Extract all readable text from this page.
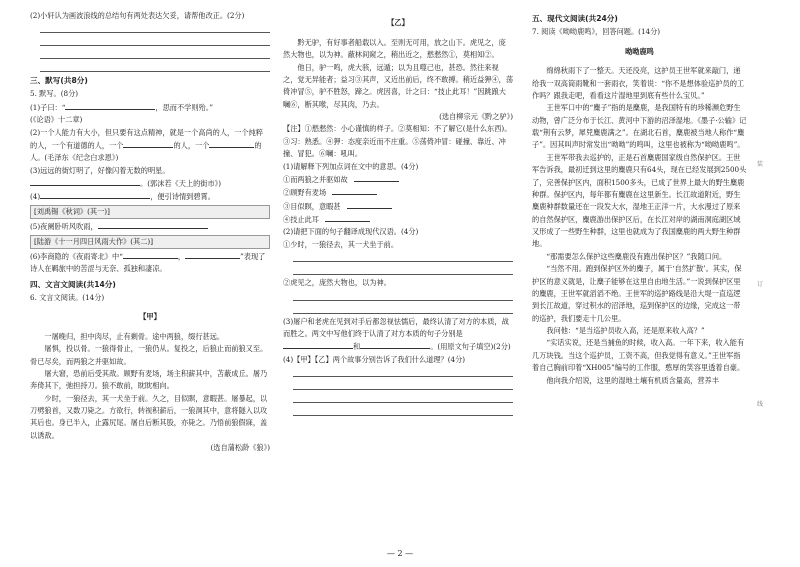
(2)小轩认为画波浪线的总结句有两处表达欠妥，请帮他改正。(2分)

三、默写(共8分)

5. 默写。(8分)

(1)子曰：“	，思而不学则殆。”

(《论语》十二章)

(2)一个人能力有大小，但只要有这点精神，就是一个高尚的人，一个纯粹的人，一个有道德的人，一个	的人，一个	的人。(毛泽东《纪念白求恩》)

(3)远远的街灯明了，好像闪着无数的明星。。(郭沫若《天上的街市》)

(4)	，便引诗情到碧霄。

[刘禹锡《秋词》(其一)]

(5)夜阑卧听风吹雨，

[陆游《十一月四日风雨大作》(其二)]

(6)李商隐的《夜雨寄北》中“	，	”表现了诗人在羁旅中的苦涩与无奈、孤独和凄凉。

四、文言文阅读(共14分)

6. 文言文阅读。(14分)

【甲】

一屠晚归，担中肉尽，止有剩骨。途中两狼，缀行甚远。

屠惧，投以骨。一狼得骨止，一狼仍从。复投之，后狼止而前狼又至。骨已尽矣，而两狼之并驱如故。

屠大窘，恐前后受其敌。顾野有麦场，场主积薪其中，苫蔽成丘。屠乃奔倚其下，弛担持刀。狼不敢前，眈眈相向。

少时，一狼径去，其一犬坐于前。久之，目似瞑，意暇甚。屠暴起，以刀劈狼首，又数刀毙之。方欲行，转视积薪后，一狼洞其中，意将隧入以攻其后也。身已半入，止露尻尾。屠自后断其股，亦毙之。乃悟前狼假寐，盖以诱敌。

(选自蒲松龄《狼》)

【乙】

黔无驴，有好事者船载以入。至则无可用，放之山下。虎见之，庞然大物也，以为神。蔽林间窥之，稍出近之，慭慭然①，莫相知②。

他日，驴一鸣，虎大骇，远遁；以为且噬己也，甚恐。然往来视之，觉无异能者；益习③其声，又近出前后，终不敢搏。稍近益狎④，荡倚冲冒⑤，驴不胜怒，蹄之。虎因喜，计之曰：“技止此耳！”因跳踉大㘎⑥，断其喉，尽其肉，乃去。

(选自柳宗元《黔之驴》)

【注】①慭慭然：小心谨慎的样子。②莫相知：不了解它(是什么东西)。③习：熟悉。④狎：态度亲近而不庄重。⑤荡倚冲冒：碰撞、靠近、冲撞、冒犯。⑥㘎：吼叫。

(1)请解释下列加点词在文中的意思。(4分)

①而两狼之并驱如故

②顾野有麦场

③目似瞑，意暇甚

④技止此耳

(2)请把下面的句子翻译成现代汉语。(4分)

①少时，一狼径去，其一犬坐于前。

②虎见之，庞然大物也，以为神。

(3)屠户和老虎在见到对手后都忽视怯懦后，最终认清了对方的本质，战而胜之。两文中写他们终于认清了对方本质的句子分别是和	。(用原文句子填空)(2分)

(4)【甲】【乙】两个故事分别告诉了我们什么道理？(4分)

五、现代文阅读(共24分)

7. 阅读《呦呦鹿鸣》，回答问题。(14分)

呦呦鹿鸣

绵绵秋雨下了一整天。天还没亮，这护员王世军就来敲门，递给我一双高筒雨靴和一套雨衣，笑着说：“你不是想体验巡护员的工作吗？跟我走吧，看看这片湿地里到底有些什么宝贝。”

王世军口中的“麋子”指的是麋鹿，是我国特有的珍稀濒危野生动物，曾广泛分布于长江、黄河中下游的沼泽湿地。《墨子·公输》记载“荆有云梦，犀兕麋鹿满之”。在湖北石首，麋鹿被当地人称作“麋子”。因其叫声时常发出“呦呦”的鸣叫，这里也被称为“呦呦鹿鸣”。

王世军带我去巡护的，正是石首麋鹿国家级自然保护区。王世军告诉我，最初迁到这里的麋鹿只有64头，现在已经发展到2500头了，完善保护区内，面积1500多头，已成了世界上最大的野生麋鹿种群。保护区内，每年都有麋鹿在这里新生。长江故道附近，野生麋鹿种群数量还在一段发大水，湿地王正洋一片，大水漫过了原来的自然保护区，麋鹿游出保护区后，在长江对岸的湖南洞庭湖区域又形成了一些野生种群，这里也就成为了我国麋鹿的两大野生种群地。

“那需要怎么保护这些麋鹿没有跑出保护区？”我随口问。

“当然不用。跑到保护区外的麋子，属于‘自然扩散’。其实，保护区的意义就是，让麋子能够在这里自由地生活。”一说到保护区里的麋鹿，王世军就滔滔不绝。王世军的巡护路线是沿大堤一直巡逻到长江故道，穿过积水的沼泽地，巡到保护区的边缘，完成这一带的巡护，我们要走十几公里。

我问他：“是当巡护员收入高，还是原来收入高？”

“实话实说，还是当捕鱼的时候，收入高。一年下来，收入能有几万块钱。当这个巡护员，工资不高，但我觉得有意义。”王世军指着自己胸前印着“XH005”编号的工作服，憨厚的笑容里透着自豪。

他向我介绍说，这里的湿地土壤有机质含量高，营养丰

装
订
线
— 2 —
